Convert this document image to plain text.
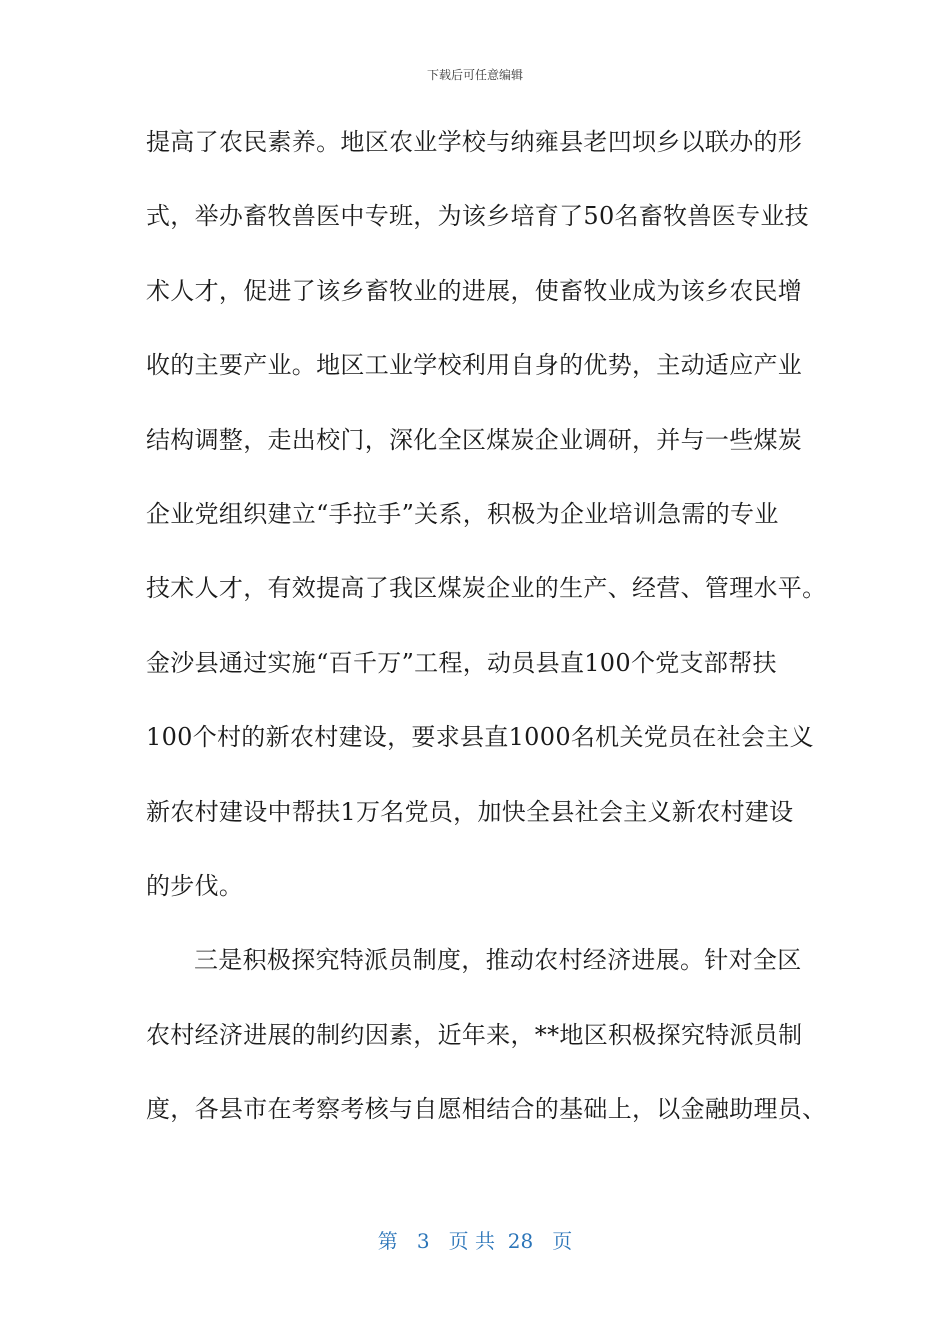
下载后可任意编辑
提高了农民素养。地区农业学校与纳雍县老凹坝乡以联办的形
式，举办畜牧兽医中专班，为该乡培育了50名畜牧兽医专业技
术人才，促进了该乡畜牧业的进展，使畜牧业成为该乡农民增
收的主要产业。地区工业学校利用自身的优势，主动适应产业
结构调整，走出校门，深化全区煤炭企业调研，并与一些煤炭
企业党组织建立“手拉手”关系，积极为企业培训急需的专业
技术人才，有效提高了我区煤炭企业的生产、经营、管理水平。
金沙县通过实施“百千万”工程，动员县直100个党支部帮扶
100个村的新农村建设，要求县直1000名机关党员在社会主义
新农村建设中帮扶1万名党员，加快全县社会主义新农村建设
的步伐。
三是积极探究特派员制度，推动农村经济进展。针对全区
农村经济进展的制约因素，近年来，**地区积极探究特派员制
度，各县市在考察考核与自愿相结合的基础上，以金融助理员、
第 3 页 共 28 页
